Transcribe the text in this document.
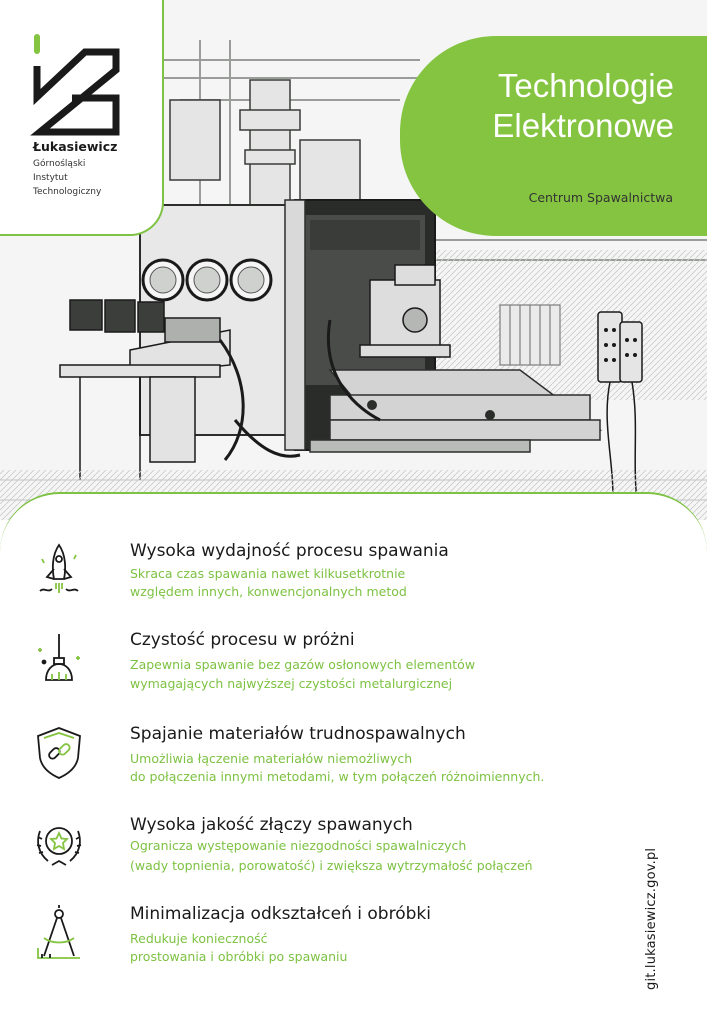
Łukasiewicz
Górnośląski
Instytut
Technologiczny
Technologie
Elektronowe
Centrum Spawalnictwa
Wysoka wydajność procesu spawania
Skraca czas spawania nawet kilkusetkrotnie
względem innych, konwencjonalnych metod
Czystość procesu w próżni
Zapewnia spawanie bez gazów osłonowych elementów
wymagających najwyższej czystości metalurgicznej
Spajanie materiałów trudnospawalnych
Umożliwia łączenie materiałów niemożliwych
do połączenia innymi metodami, w tym połączeń różnoimiennych.
Wysoka jakość złączy spawanych
Ogranicza występowanie niezgodności spawalniczych
(wady topnienia, porowatość) i zwiększa wytrzymałość połączeń
Minimalizacja odkształceń i obróbki
Redukuje konieczność
prostowania i obróbki po spawaniu	git.lukasiewicz.gov.pl
